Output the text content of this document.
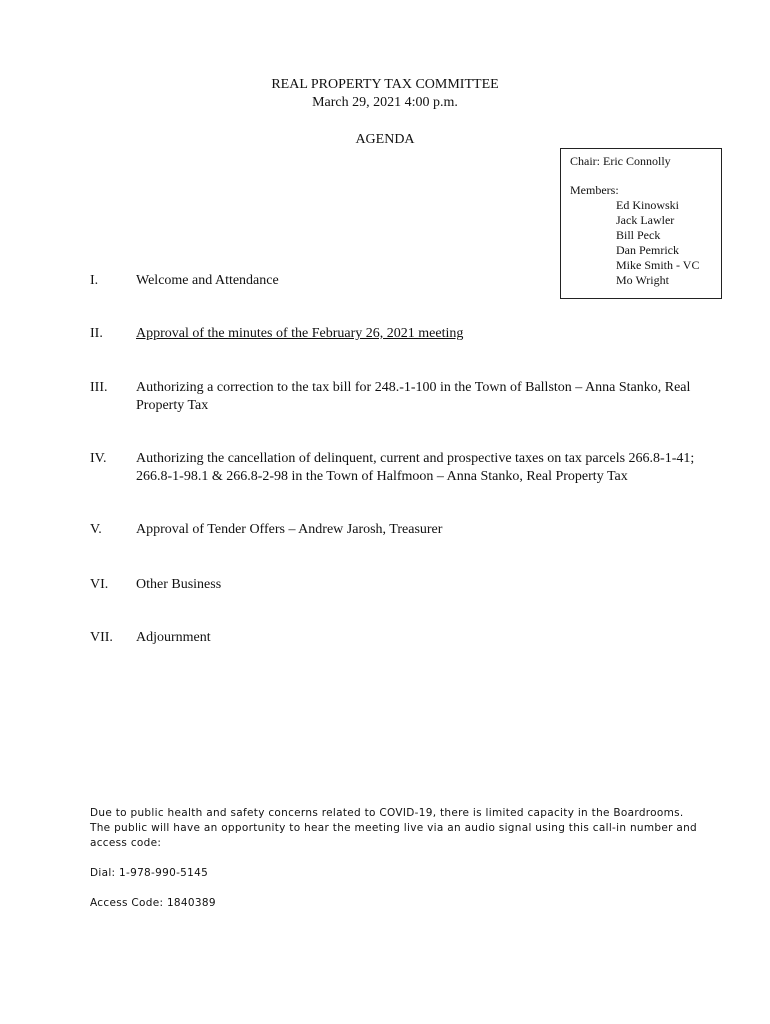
REAL PROPERTY TAX COMMITTEE
March 29, 2021 4:00 p.m.
AGENDA
Chair: Eric Connolly
Members:
Ed Kinowski
Jack Lawler
Bill Peck
Dan Pemrick
Mike Smith - VC
Mo Wright
I.	Welcome and Attendance
II. Approval of the minutes of the February 26, 2021 meeting
III. Authorizing a correction to the tax bill for 248.-1-100 in the Town of Ballston – Anna Stanko, Real Property Tax
IV. Authorizing the cancellation of delinquent, current and prospective taxes on tax parcels 266.8-1-41; 266.8-1-98.1 & 266.8-2-98 in the Town of Halfmoon – Anna Stanko, Real Property Tax
V. Approval of Tender Offers – Andrew Jarosh, Treasurer
VI. Other Business
VII. Adjournment
Due to public health and safety concerns related to COVID-19, there is limited capacity in the Boardrooms. The public will have an opportunity to hear the meeting live via an audio signal using this call-in number and access code:
Dial: 1-978-990-5145
Access Code: 1840389
